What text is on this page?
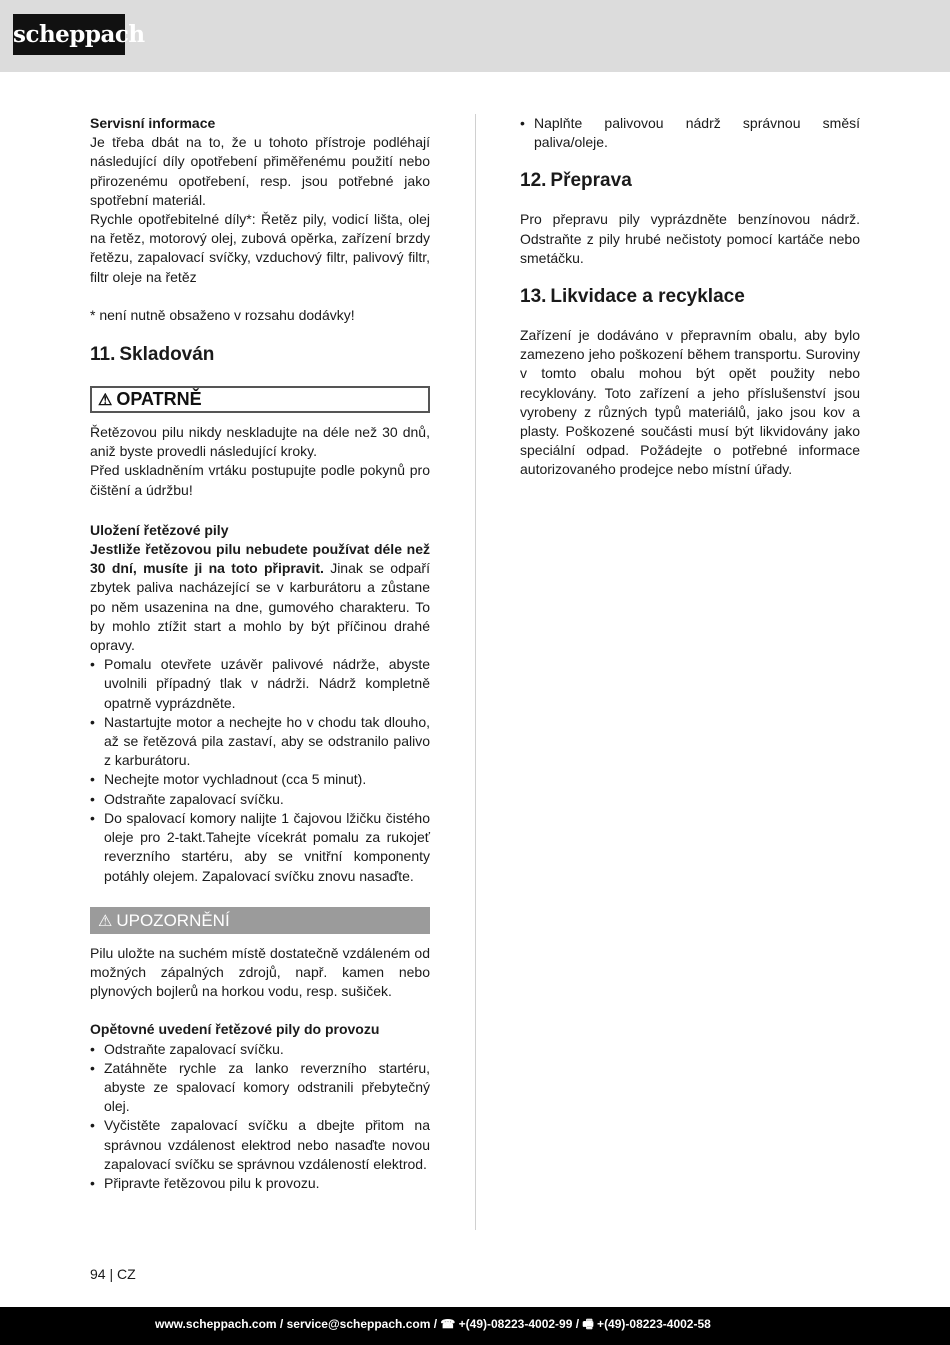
scheppach

Servisní informace

Je třeba dbát na to, že u tohoto přístroje podléhají následující díly opotřebení přiměřenému použití nebo přirozenému opotřebení, resp. jsou potřebné jako spotřební materiál.

Rychle opotřebitelné díly*: Řetěz pily, vodicí lišta, olej na řetěz, motorový olej, zubová opěrka, zařízení brzdy řetězu, zapalovací svíčky, vzduchový filtr, palivový filtr, filtr oleje na řetěz

* není nutně obsaženo v rozsahu dodávky!

11. Skladován
⚠ OPATRNĚ

Řetězovou pilu nikdy neskladujte na déle než 30 dnů, aniž byste provedli následující kroky.

Před uskladněním vrtáku postupujte podle pokynů pro čištění a údržbu!

Uložení řetězové pily

Jestliže řetězovou pilu nebudete používat déle než 30 dní, musíte ji na toto připravit. Jinak se odpaří zbytek paliva nacházející se v karburátoru a zůstane po něm usazenina na dne, gumového charakteru. To by mohlo ztížit start a mohlo by být příčinou drahé opravy.

• Pomalu otevřete uzávěr palivové nádrže, abyste uvolnili případný tlak v nádrži. Nádrž kompletně opatrně vyprázdněte.
• Nastartujte motor a nechejte ho v chodu tak dlouho, až se řetězová pila zastaví, aby se odstranilo palivo z karburátoru.
• Nechejte motor vychladnout (cca 5 minut).
• Odstraňte zapalovací svíčku.
• Do spalovací komory nalijte 1 čajovou lžičku čistého oleje pro 2-takt.Tahejte vícekrát pomalu za rukojeť reverzního startéru, aby se vnitřní komponenty potáhly olejem. Zapalovací svíčku znovu nasaďte.
⚠ UPOZORNĚNÍ

Pilu uložte na suchém místě dostatečně vzdáleném od možných zápalných zdrojů, např. kamen nebo plynových bojlerů na horkou vodu, resp. sušiček.

Opětovné uvedení řetězové pily do provozu

• Odstraňte zapalovací svíčku.
• Zatáhněte rychle za lanko reverzního startéru, abyste ze spalovací komory odstranili přebytečný olej.
• Vyčistěte zapalovací svíčku a dbejte přitom na správnou vzdálenost elektrod nebo nasaďte novou zapalovací svíčku se správnou vzdáleností elektrod.
• Připravte řetězovou pilu k provozu.
• Naplňte palivovou nádrž správnou směsí paliva/oleje.
12. Přeprava

Pro přepravu pily vyprázdněte benzínovou nádrž. Odstraňte z pily hrubé nečistoty pomocí kartáče nebo smetáčku.

13. Likvidace a recyklace

Zařízení je dodáváno v přepravním obalu, aby bylo zamezeno jeho poškození během transportu. Suroviny v tomto obalu mohou být opět použity nebo recyklovány. Toto zařízení a jeho příslušenství jsou vyrobeny z různých typů materiálů, jako jsou kov a plasty. Poškozené součásti musí být likvidovány jako speciální odpad. Požádejte o potřebné informace autorizovaného prodejce nebo místní úřady.

94 | CZ
www.scheppach.com / service@scheppach.com / ☎ +(49)-08223-4002-99 / 🖷 +(49)-08223-4002-58
